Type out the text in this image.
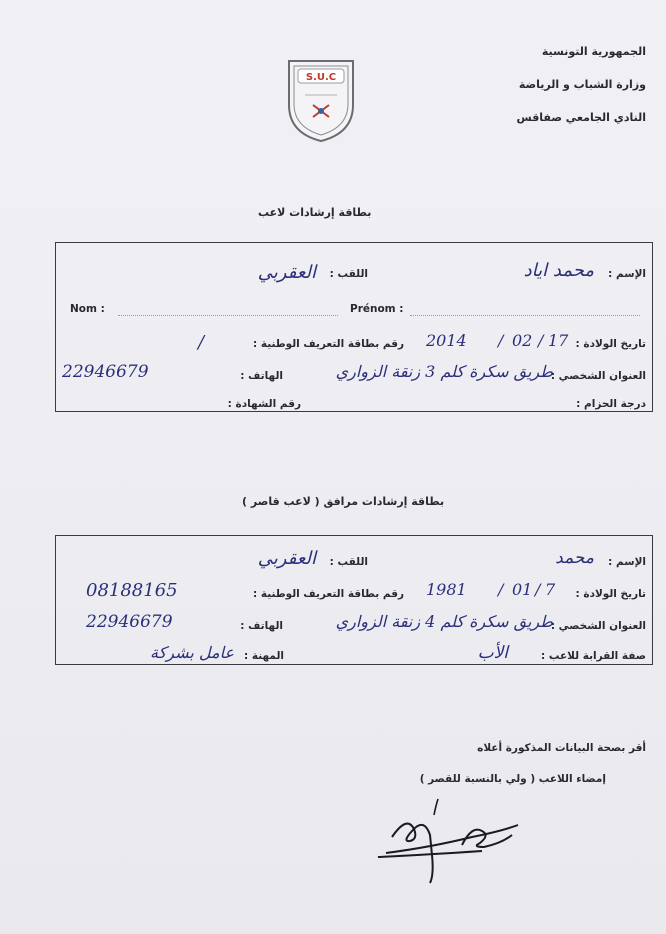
الجمهورية التونسية
وزارة الشباب و الرياضة
النادي الجامعي صفاقس
S.U.C
بطاقة إرشادات لاعب
الإسم :
محمد اياد
اللقب :
العقربي
Nom :	Prénom :
تاريخ الولادة :
17
/
02
/
2014
رقم بطاقة التعريف الوطنية :
/
العنوان الشخصي :
طريق سكرة كلم 3 زنقة الزواري
الهاتف :
22946679
درجة الحزام :
رقم الشهادة :
بطاقة إرشادات مرافق ( لاعب قاصر )
الإسم :
محمد
اللقب :
العقربي
تاريخ الولادة :
7
/
01
/
1981
رقم بطاقة التعريف الوطنية :
08188165
العنوان الشخصي :
طريق سكرة كلم 4 زنقة الزواري
الهاتف :
22946679
صفة القرابة للاعب :
الأب
المهنة :
عامل بشركة
أقر بصحة البيانات المذكورة أعلاه
إمضاء اللاعب ( ولي بالنسبة للقصر )
